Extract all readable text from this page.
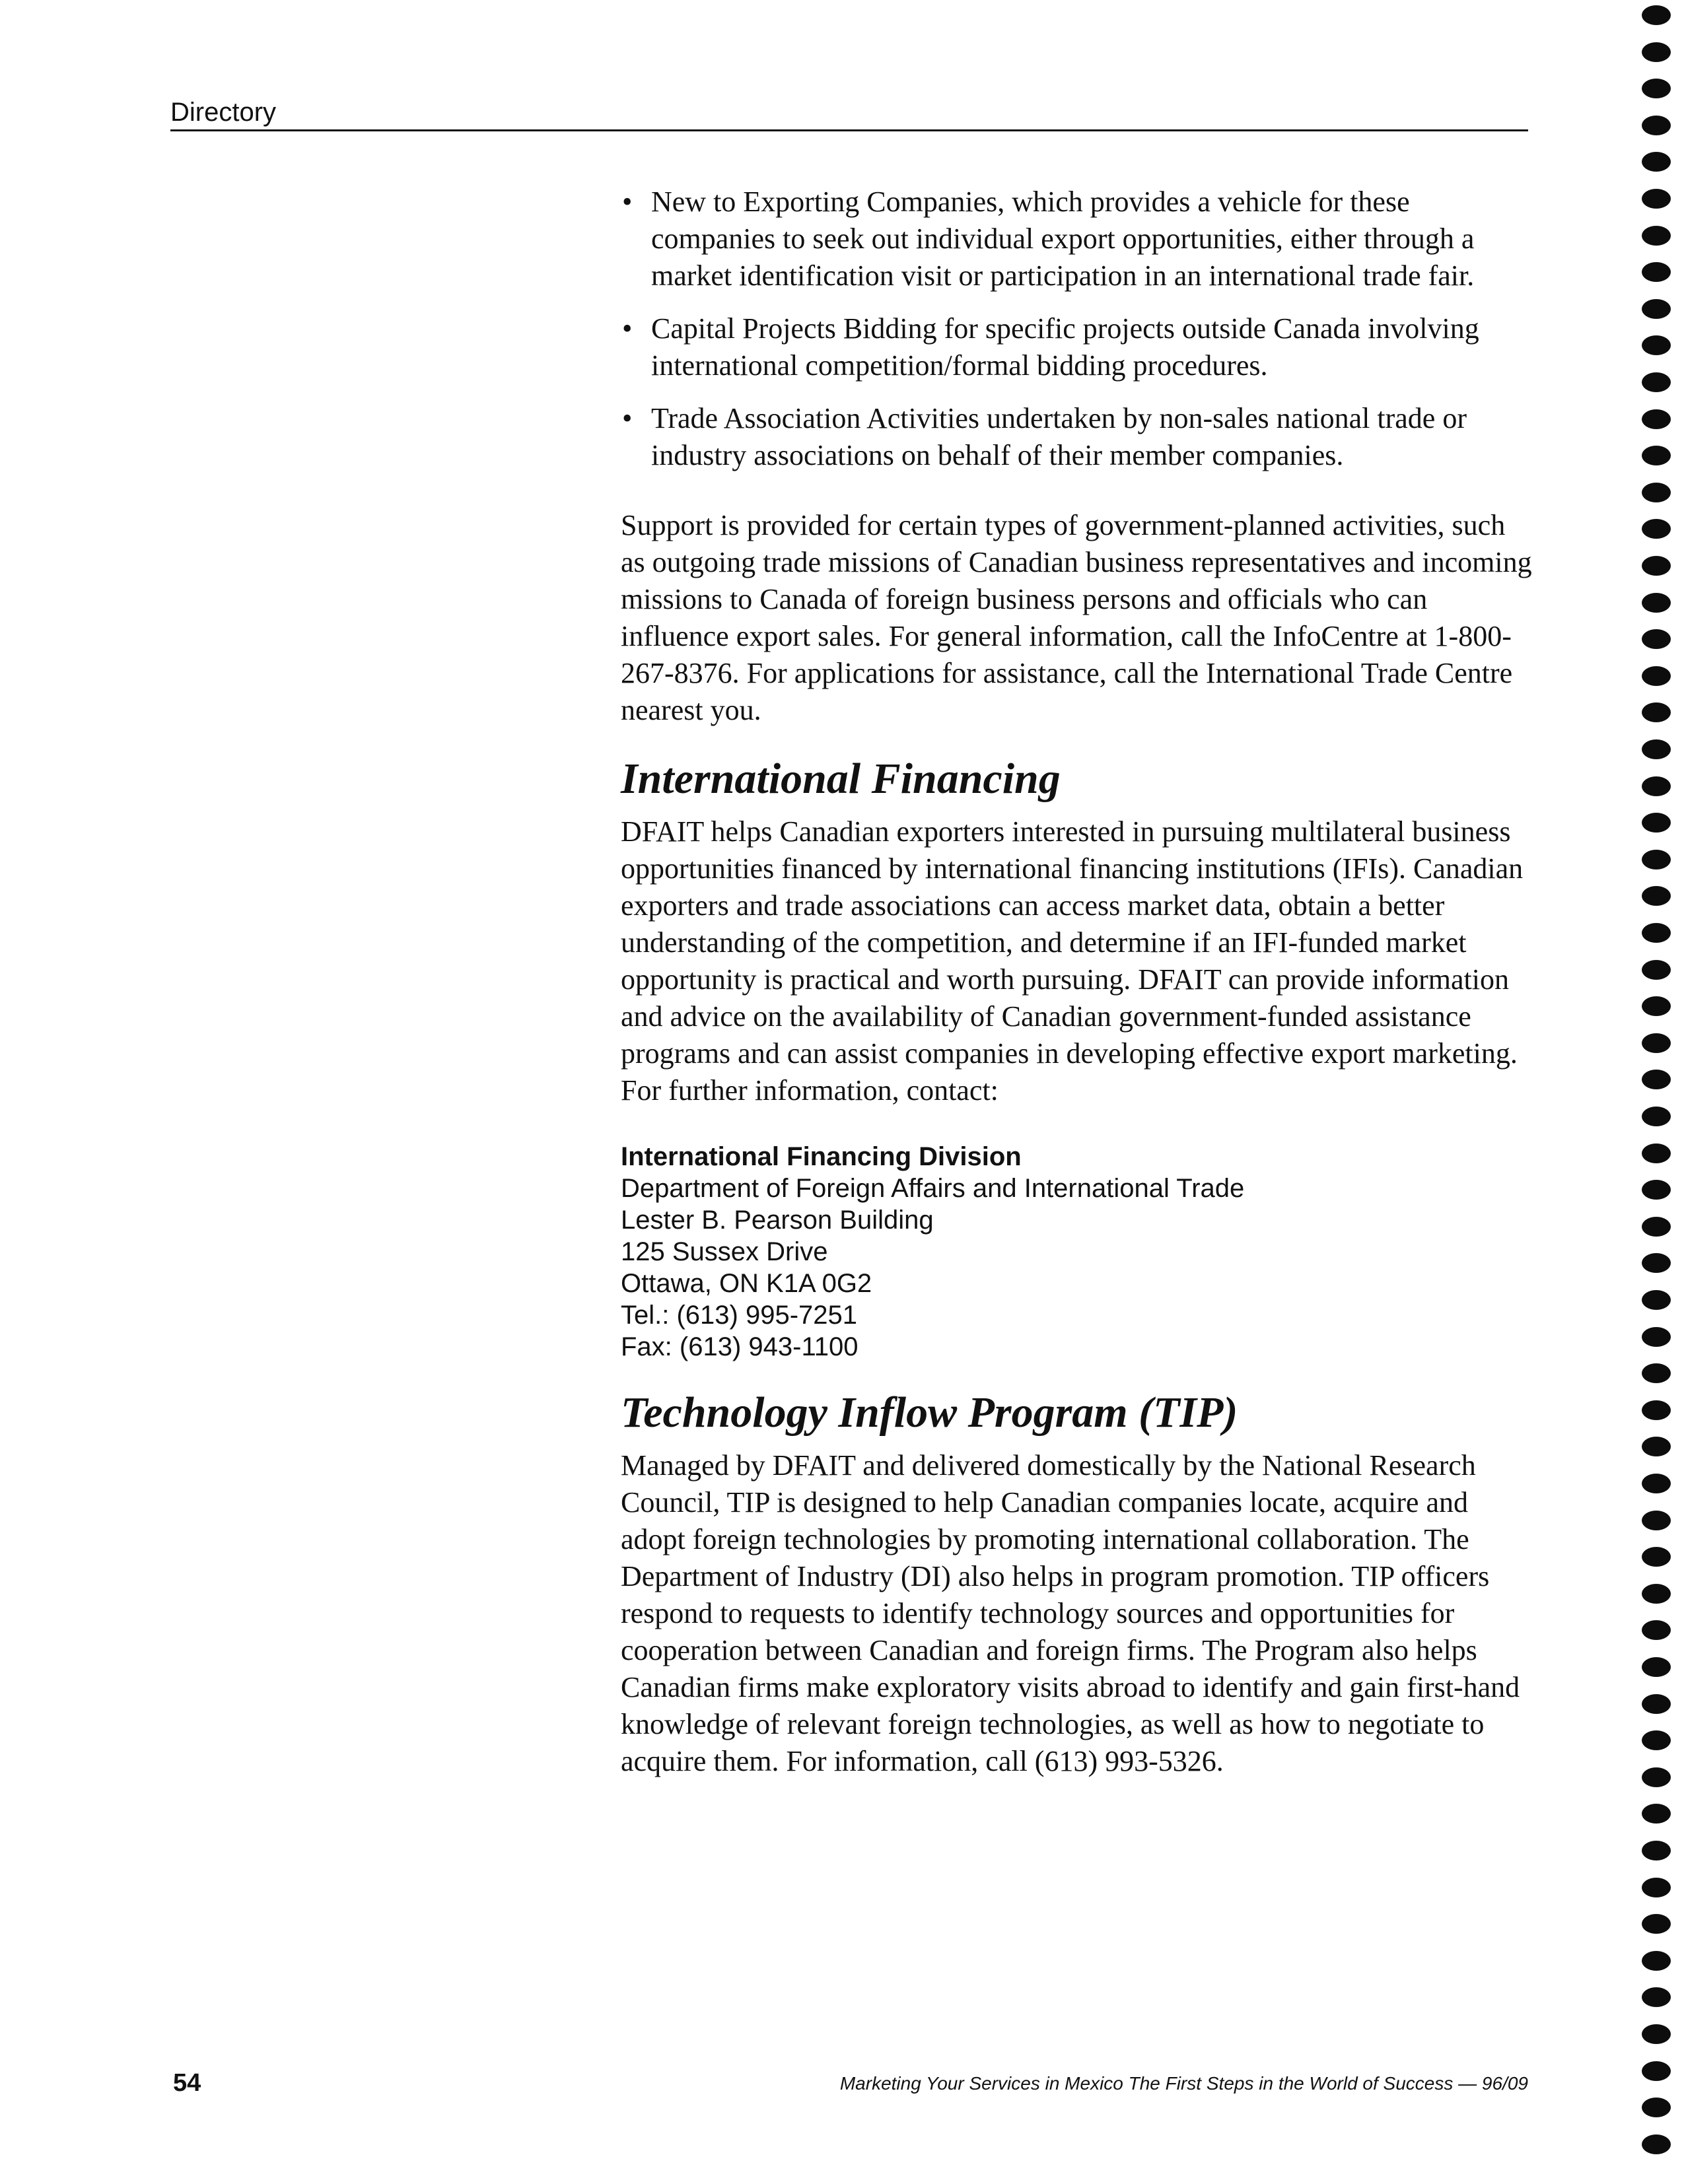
Directory
• New to Exporting Companies, which provides a vehicle for these companies to seek out individual export opportunities, either through a market identification visit or participation in an international trade fair.
• Capital Projects Bidding for specific projects outside Canada involving international competition/formal bidding procedures.
• Trade Association Activities undertaken by non-sales national trade or industry associations on behalf of their member companies.

Support is provided for certain types of government-planned activities, such as outgoing trade missions of Canadian business representatives and incoming missions to Canada of foreign business persons and officials who can influence export sales. For general information, call the InfoCentre at 1-800-267-8376. For applications for assistance, call the International Trade Centre nearest you.

International Financing

DFAIT helps Canadian exporters interested in pursuing multilateral business opportunities financed by international financing institutions (IFIs). Canadian exporters and trade associations can access market data, obtain a better understanding of the competition, and determine if an IFI-funded market opportunity is practical and worth pursuing. DFAIT can provide information and advice on the availability of Canadian government-funded assistance programs and can assist companies in developing effective export marketing. For further information, contact:

International Financing Division
Department of Foreign Affairs and International Trade
Lester B. Pearson Building
125 Sussex Drive
Ottawa, ON K1A 0G2
Tel.: (613) 995-7251
Fax: (613) 943-1100
Technology Inflow Program (TIP)

Managed by DFAIT and delivered domestically by the National Research Council, TIP is designed to help Canadian companies locate, acquire and adopt foreign technologies by promoting international collaboration. The Department of Industry (DI) also helps in program promotion. TIP officers respond to requests to identify technology sources and opportunities for cooperation between Canadian and foreign firms. The Program also helps Canadian firms make exploratory visits abroad to identify and gain first-hand knowledge of relevant foreign technologies, as well as how to negotiate to acquire them. For information, call (613) 993-5326.

54	Marketing Your Services in Mexico The First Steps in the World of Success — 96/09
